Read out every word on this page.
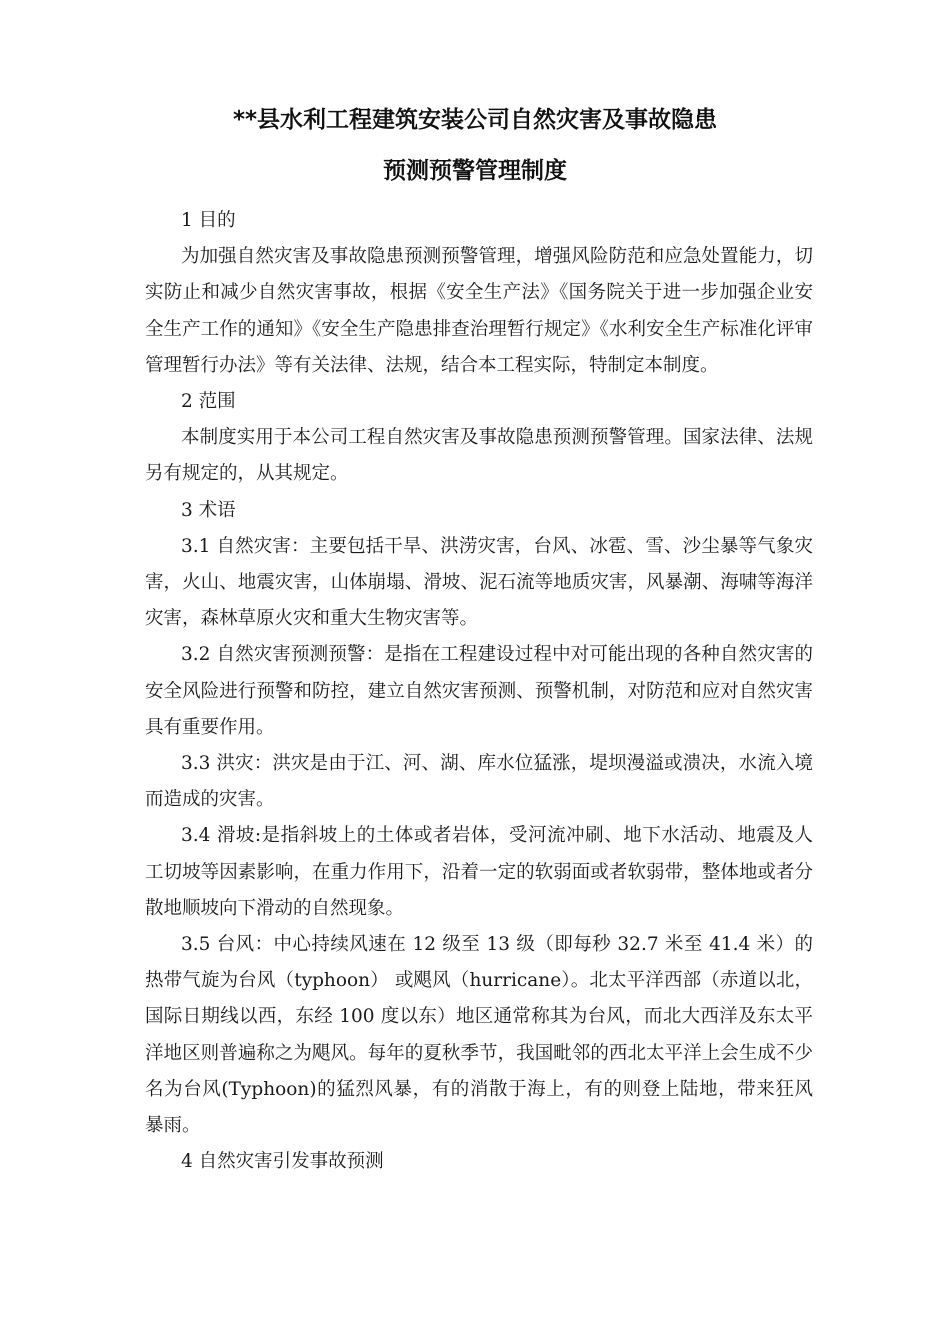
**县水利工程建筑安装公司自然灾害及事故隐患
预测预警管理制度

1 目的

为加强自然灾害及事故隐患预测预警管理，增强风险防范和应急处置能力，切实防止和减少自然灾害事故，根据《安全生产法》《国务院关于进一步加强企业安全生产工作的通知》《安全生产隐患排查治理暂行规定》《水利安全生产标准化评审管理暂行办法》等有关法律、法规，结合本工程实际，特制定本制度。

2 范围

本制度实用于本公司工程自然灾害及事故隐患预测预警管理。国家法律、法规另有规定的，从其规定。

3 术语

3.1 自然灾害：主要包括干旱、洪涝灾害，台风、冰雹、雪、沙尘暴等气象灾害，火山、地震灾害，山体崩塌、滑坡、泥石流等地质灾害，风暴潮、海啸等海洋灾害，森林草原火灾和重大生物灾害等。

3.2 自然灾害预测预警：是指在工程建设过程中对可能出现的各种自然灾害的安全风险进行预警和防控，建立自然灾害预测、预警机制，对防范和应对自然灾害具有重要作用。

3.3 洪灾：洪灾是由于江、河、湖、库水位猛涨，堤坝漫溢或溃决，水流入境而造成的灾害。

3.4 滑坡:是指斜坡上的土体或者岩体，受河流冲刷、地下水活动、地震及人工切坡等因素影响，在重力作用下，沿着一定的软弱面或者软弱带，整体地或者分散地顺坡向下滑动的自然现象。

3.5 台风：中心持续风速在 12 级至 13 级（即每秒 32.7 米至 41.4 米）的热带气旋为台风（typhoon） 或飓风（hurricane）。北太平洋西部（赤道以北，国际日期线以西，东经 100 度以东）地区通常称其为台风，而北大西洋及东太平洋地区则普遍称之为飓风。每年的夏秋季节，我国毗邻的西北太平洋上会生成不少名为台风(Typhoon)的猛烈风暴，有的消散于海上，有的则登上陆地，带来狂风暴雨。

4 自然灾害引发事故预测
